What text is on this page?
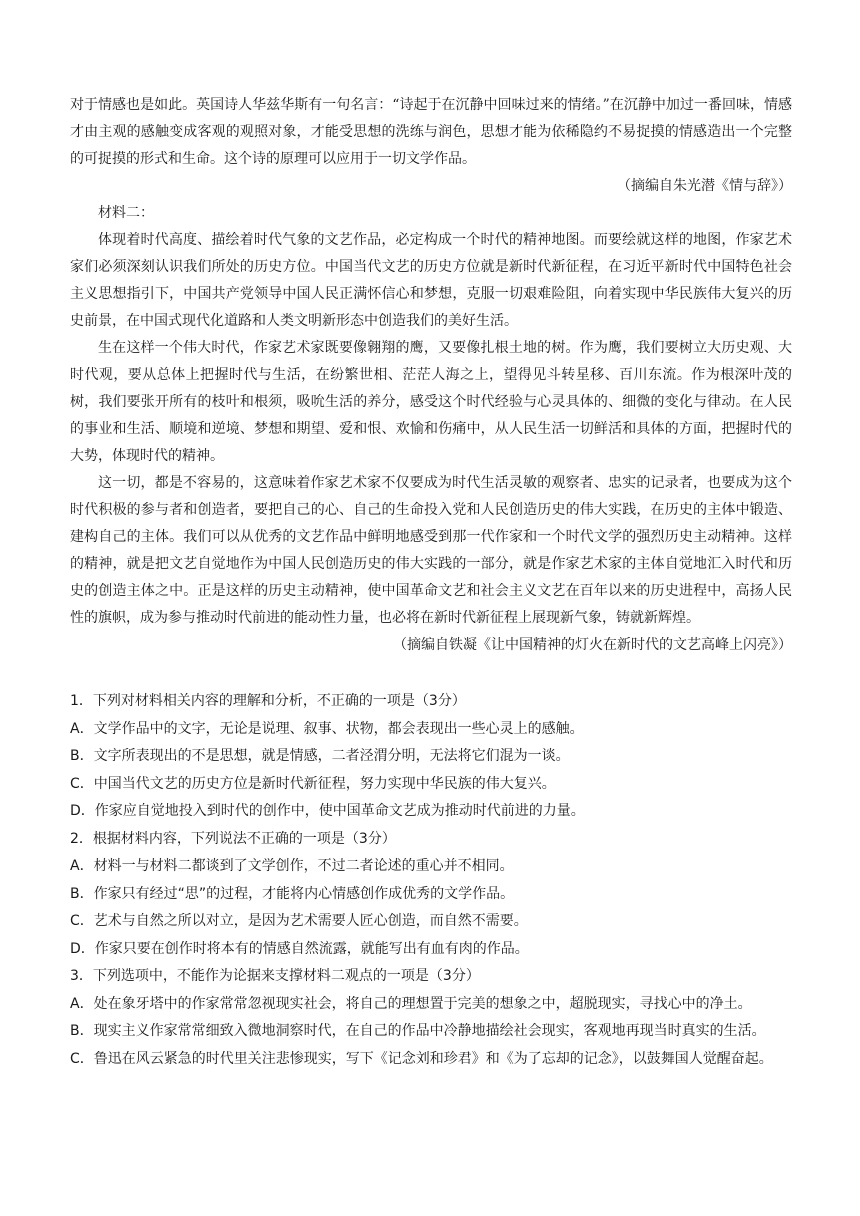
对于情感也是如此。英国诗人华兹华斯有一句名言：“诗起于在沉静中回味过来的情绪。”在沉静中加过一番回味，情感才由主观的感触变成客观的观照对象，才能受思想的洗练与润色，思想才能为依稀隐约不易捉摸的情感造出一个完整的可捉摸的形式和生命。这个诗的原理可以应用于一切文学作品。

（摘编自朱光潜《情与辞》）

材料二：

体现着时代高度、描绘着时代气象的文艺作品，必定构成一个时代的精神地图。而要绘就这样的地图，作家艺术家们必须深刻认识我们所处的历史方位。中国当代文艺的历史方位就是新时代新征程，在习近平新时代中国特色社会主义思想指引下，中国共产党领导中国人民正满怀信心和梦想，克服一切艰难险阻，向着实现中华民族伟大复兴的历史前景，在中国式现代化道路和人类文明新形态中创造我们的美好生活。

生在这样一个伟大时代，作家艺术家既要像翱翔的鹰，又要像扎根土地的树。作为鹰，我们要树立大历史观、大时代观，要从总体上把握时代与生活，在纷繁世相、茫茫人海之上，望得见斗转星移、百川东流。作为根深叶茂的树，我们要张开所有的枝叶和根须，吸吮生活的养分，感受这个时代经验与心灵具体的、细微的变化与律动。在人民的事业和生活、顺境和逆境、梦想和期望、爱和恨、欢愉和伤痛中，从人民生活一切鲜活和具体的方面，把握时代的大势，体现时代的精神。

这一切，都是不容易的，这意味着作家艺术家不仅要成为时代生活灵敏的观察者、忠实的记录者，也要成为这个时代积极的参与者和创造者，要把自己的心、自己的生命投入党和人民创造历史的伟大实践，在历史的主体中锻造、建构自己的主体。我们可以从优秀的文艺作品中鲜明地感受到那一代作家和一个时代文学的强烈历史主动精神。这样的精神，就是把文艺自觉地作为中国人民创造历史的伟大实践的一部分，就是作家艺术家的主体自觉地汇入时代和历史的创造主体之中。正是这样的历史主动精神，使中国革命文艺和社会主义文艺在百年以来的历史进程中，高扬人民性的旗帜，成为参与推动时代前进的能动性力量，也必将在新时代新征程上展现新气象，铸就新辉煌。

（摘编自铁凝《让中国精神的灯火在新时代的文艺高峰上闪亮》）

1．下列对材料相关内容的理解和分析，不正确的一项是（3分）

A．文学作品中的文字，无论是说理、叙事、状物，都会表现出一些心灵上的感触。

B．文字所表现出的不是思想，就是情感，二者泾渭分明，无法将它们混为一谈。

C．中国当代文艺的历史方位是新时代新征程，努力实现中华民族的伟大复兴。

D．作家应自觉地投入到时代的创作中，使中国革命文艺成为推动时代前进的力量。

2．根据材料内容，下列说法不正确的一项是（3分）

A．材料一与材料二都谈到了文学创作，不过二者论述的重心并不相同。

B．作家只有经过“思”的过程，才能将内心情感创作成优秀的文学作品。

C．艺术与自然之所以对立，是因为艺术需要人匠心创造，而自然不需要。

D．作家只要在创作时将本有的情感自然流露，就能写出有血有肉的作品。

3．下列选项中，不能作为论据来支撑材料二观点的一项是（3分）

A．处在象牙塔中的作家常常忽视现实社会，将自己的理想置于完美的想象之中，超脱现实，寻找心中的净土。

B．现实主义作家常常细致入微地洞察时代，在自己的作品中冷静地描绘社会现实，客观地再现当时真实的生活。

C．鲁迅在风云紧急的时代里关注悲惨现实，写下《记念刘和珍君》和《为了忘却的记念》，以鼓舞国人觉醒奋起。
